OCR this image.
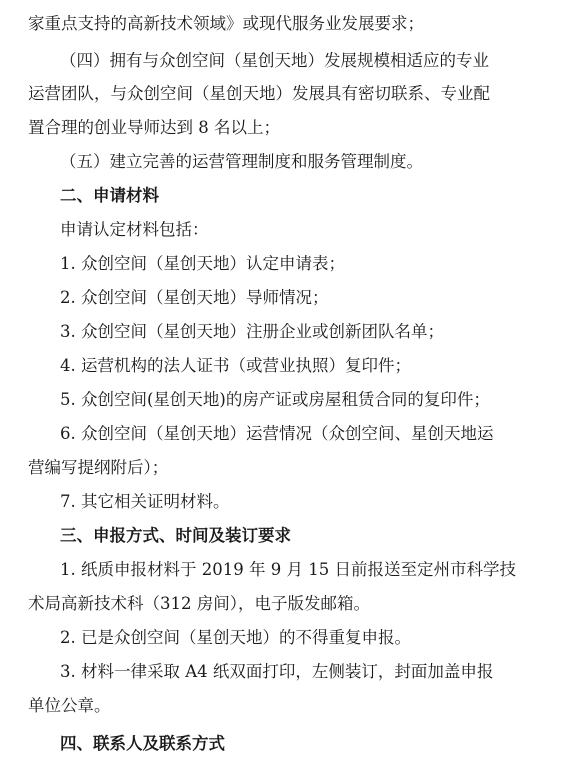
家重点支持的高新技术领域》或现代服务业发展要求；
（四）拥有与众创空间（星创天地）发展规模相适应的专业
运营团队，与众创空间（星创天地）发展具有密切联系、专业配
置合理的创业导师达到 8 名以上；
（五）建立完善的运营管理制度和服务管理制度。
二、申请材料
申请认定材料包括：
1. 众创空间（星创天地）认定申请表；
2. 众创空间（星创天地）导师情况；
3. 众创空间（星创天地）注册企业或创新团队名单；
4. 运营机构的法人证书（或营业执照）复印件；
5. 众创空间(星创天地)的房产证或房屋租赁合同的复印件；
6. 众创空间（星创天地）运营情况（众创空间、星创天地运
营编写提纲附后）；
7. 其它相关证明材料。
三、申报方式、时间及装订要求
1. 纸质申报材料于 2019 年 9 月 15 日前报送至定州市科学技
术局高新技术科（312 房间），电子版发邮箱。
2. 已是众创空间（星创天地）的不得重复申报。
3. 材料一律采取 A4 纸双面打印，左侧装订，封面加盖申报
单位公章。
四、联系人及联系方式
